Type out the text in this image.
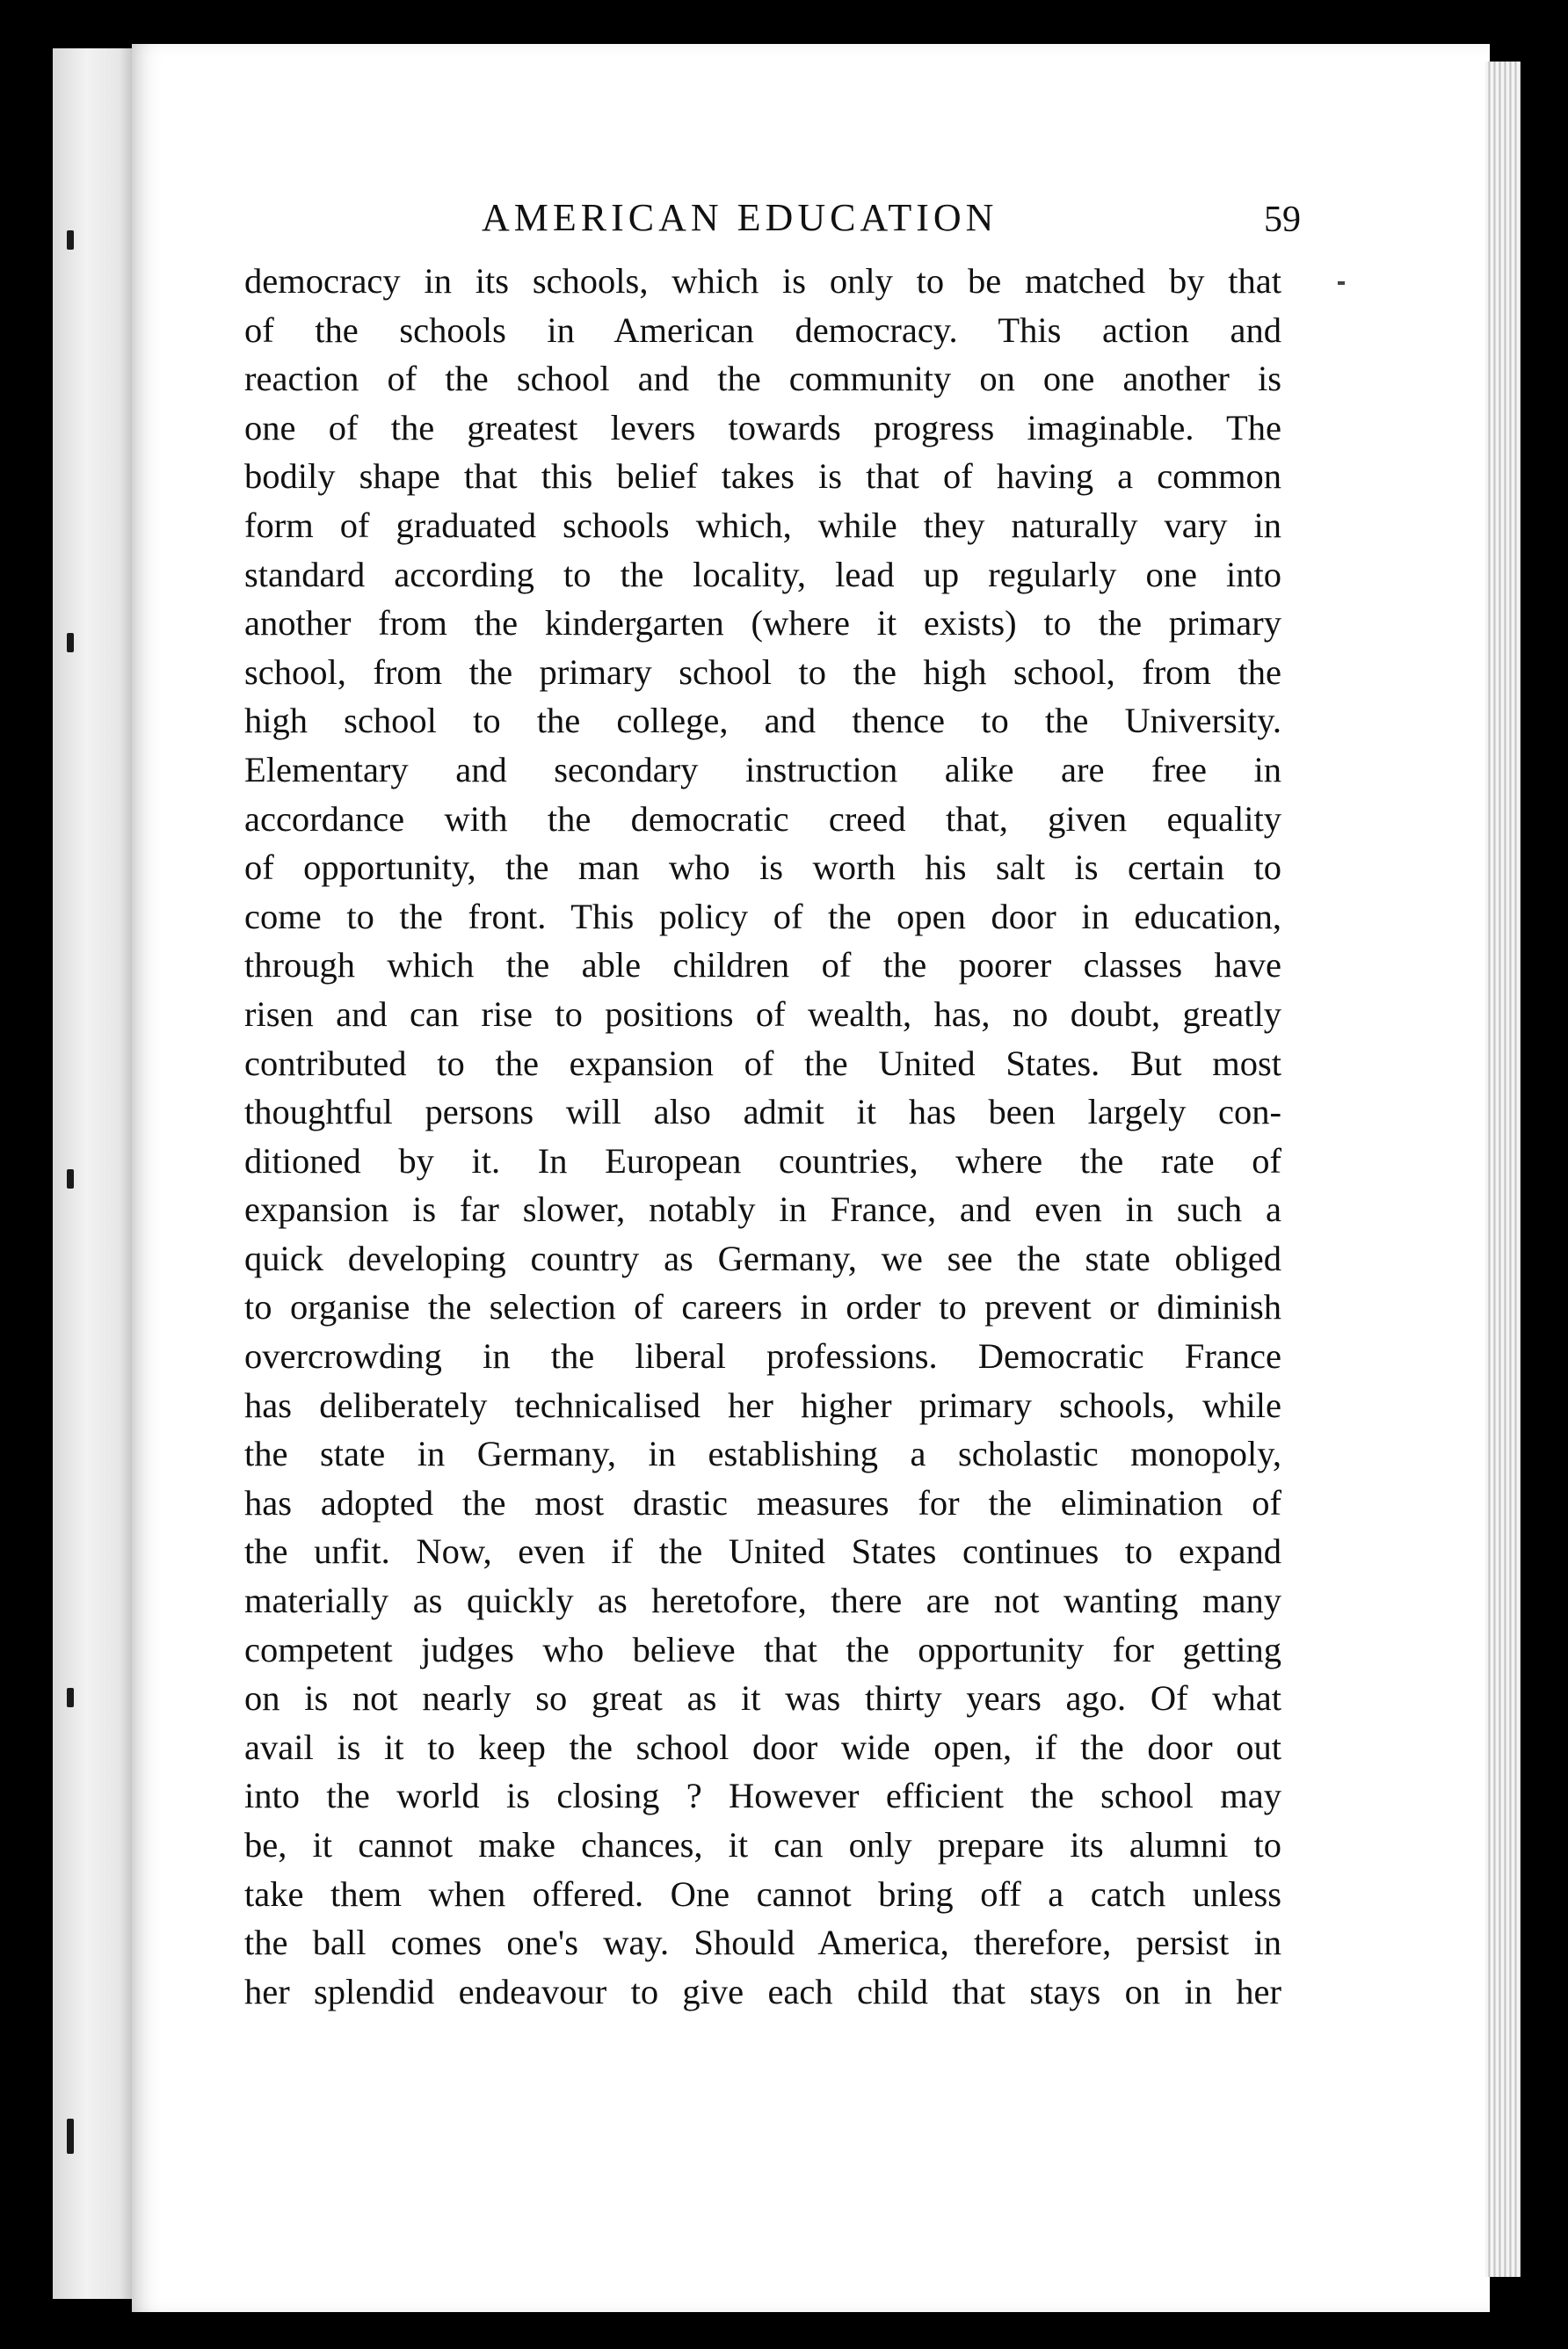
AMERICAN EDUCATION	59
democracy in its schools, which is only to be matched by that
of the schools in American democracy. This action and
reaction of the school and the community on one another is
one of the greatest levers towards progress imaginable. The
bodily shape that this belief takes is that of having a common
form of graduated schools which, while they naturally vary in
standard according to the locality, lead up regularly one into
another from the kindergarten (where it exists) to the primary
school, from the primary school to the high school, from the
high school to the college, and thence to the University.
Elementary and secondary instruction alike are free in
accordance with the democratic creed that, given equality
of opportunity, the man who is worth his salt is certain to
come to the front. This policy of the open door in education,
through which the able children of the poorer classes have
risen and can rise to positions of wealth, has, no doubt, greatly
contributed to the expansion of the United States. But most
thoughtful persons will also admit it has been largely con-
ditioned by it. In European countries, where the rate of
expansion is far slower, notably in France, and even in such a
quick developing country as Germany, we see the state obliged
to organise the selection of careers in order to prevent or diminish
overcrowding in the liberal professions. Democratic France
has deliberately technicalised her higher primary schools, while
the state in Germany, in establishing a scholastic monopoly,
has adopted the most drastic measures for the elimination of
the unfit. Now, even if the United States continues to expand
materially as quickly as heretofore, there are not wanting many
competent judges who believe that the opportunity for getting
on is not nearly so great as it was thirty years ago. Of what
avail is it to keep the school door wide open, if the door out
into the world is closing ? However efficient the school may
be, it cannot make chances, it can only prepare its alumni to
take them when offered. One cannot bring off a catch unless
the ball comes one's way. Should America, therefore, persist in
her splendid endeavour to give each child that stays on in her
